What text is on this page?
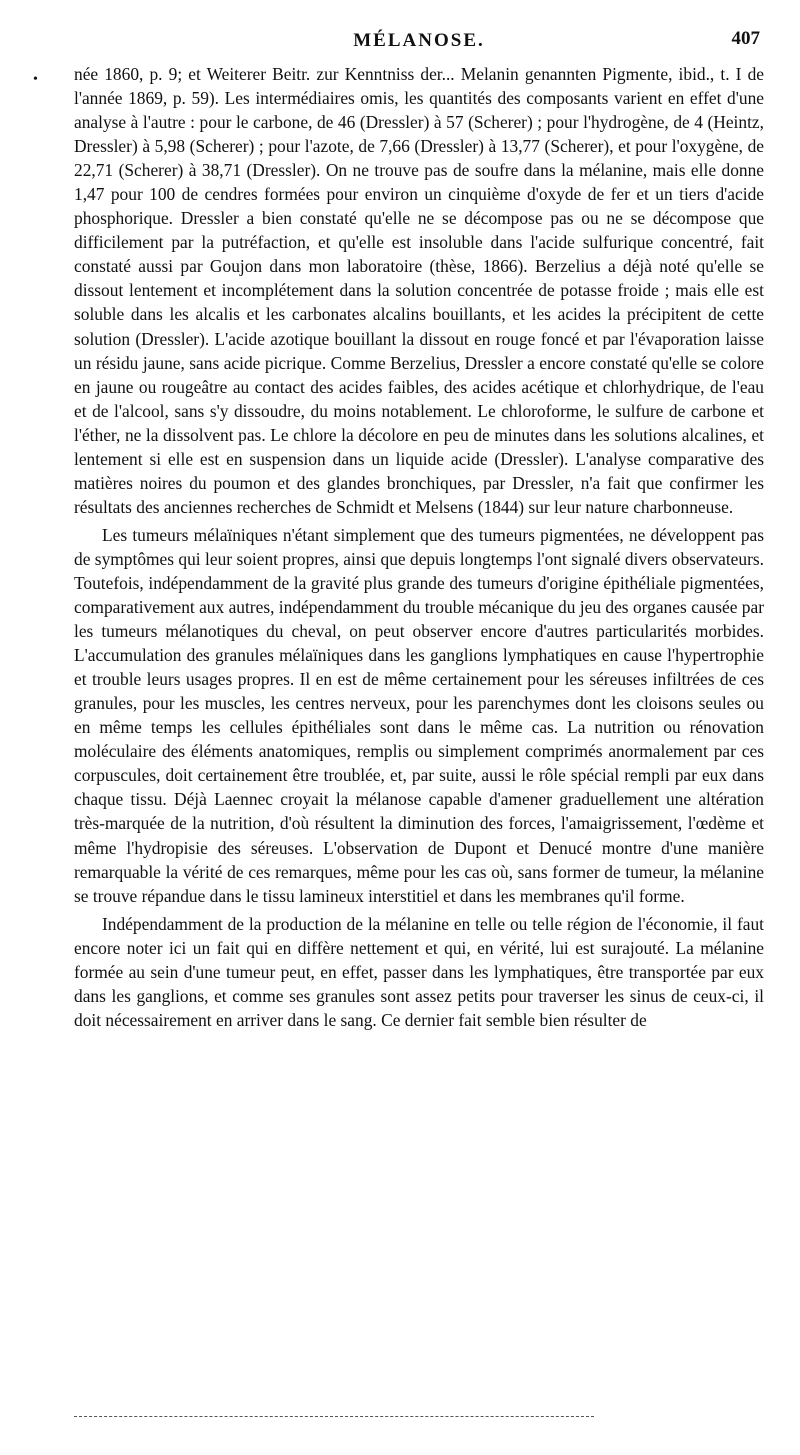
MÉLANOSE.	407
• née 1860, p. 9; et Weiterer Beitr. zur Kenntniss der... Melanin genannten Pigmente, ibid., t. I de l'année 1869, p. 59). Les intermédiaires omis, les quantités des composants varient en effet d'une analyse à l'autre : pour le carbone, de 46 (Dressler) à 57 (Scherer) ; pour l'hydrogène, de 4 (Heintz, Dressler) à 5,98 (Scherer) ; pour l'azote, de 7,66 (Dressler) à 13,77 (Scherer), et pour l'oxygène, de 22,71 (Scherer) à 38,71 (Dressler). On ne trouve pas de soufre dans la mélanine, mais elle donne 1,47 pour 100 de cendres formées pour environ un cinquième d'oxyde de fer et un tiers d'acide phosphorique. Dressler a bien constaté qu'elle ne se décompose pas ou ne se décompose que difficilement par la putréfaction, et qu'elle est insoluble dans l'acide sulfurique concentré, fait constaté aussi par Goujon dans mon laboratoire (thèse, 1866). Berzelius a déjà noté qu'elle se dissout lentement et incomplétement dans la solution concentrée de potasse froide ; mais elle est soluble dans les alcalis et les carbonates alcalins bouillants, et les acides la précipitent de cette solution (Dressler). L'acide azotique bouillant la dissout en rouge foncé et par l'évaporation laisse un résidu jaune, sans acide picrique. Comme Berzelius, Dressler a encore constaté qu'elle se colore en jaune ou rougeâtre au contact des acides faibles, des acides acétique et chlorhydrique, de l'eau et de l'alcool, sans s'y dissoudre, du moins notablement. Le chloroforme, le sulfure de carbone et l'éther, ne la dissolvent pas. Le chlore la décolore en peu de minutes dans les solutions alcalines, et lentement si elle est en suspension dans un liquide acide (Dressler). L'analyse comparative des matières noires du poumon et des glandes bronchiques, par Dressler, n'a fait que confirmer les résultats des anciennes recherches de Schmidt et Melsens (1844) sur leur nature charbonneuse.

Les tumeurs mélaïniques n'étant simplement que des tumeurs pigmentées, ne développent pas de symptômes qui leur soient propres, ainsi que depuis longtemps l'ont signalé divers observateurs. Toutefois, indépendamment de la gravité plus grande des tumeurs d'origine épithéliale pigmentées, comparativement aux autres, indépendamment du trouble mécanique du jeu des organes causée par les tumeurs mélanotiques du cheval, on peut observer encore d'autres particularités morbides. L'accumulation des granules mélaïniques dans les ganglions lymphatiques en cause l'hypertrophie et trouble leurs usages propres. Il en est de même certainement pour les séreuses infiltrées de ces granules, pour les muscles, les centres nerveux, pour les parenchymes dont les cloisons seules ou en même temps les cellules épithéliales sont dans le même cas. La nutrition ou rénovation moléculaire des éléments anatomiques, remplis ou simplement comprimés anormalement par ces corpuscules, doit certainement être troublée, et, par suite, aussi le rôle spécial rempli par eux dans chaque tissu. Déjà Laennec croyait la mélanose capable d'amener graduellement une altération très-marquée de la nutrition, d'où résultent la diminution des forces, l'amaigrissement, l'œdème et même l'hydropisie des séreuses. L'observation de Dupont et Denucé montre d'une manière remarquable la vérité de ces remarques, même pour les cas où, sans former de tumeur, la mélanine se trouve répandue dans le tissu lamineux interstitiel et dans les membranes qu'il forme.

Indépendamment de la production de la mélanine en telle ou telle région de l'économie, il faut encore noter ici un fait qui en diffère nettement et qui, en vérité, lui est surajouté. La mélanine formée au sein d'une tumeur peut, en effet, passer dans les lymphatiques, être transportée par eux dans les ganglions, et comme ses granules sont assez petits pour traverser les sinus de ceux-ci, il doit nécessairement en arriver dans le sang. Ce dernier fait semble bien résulter de
